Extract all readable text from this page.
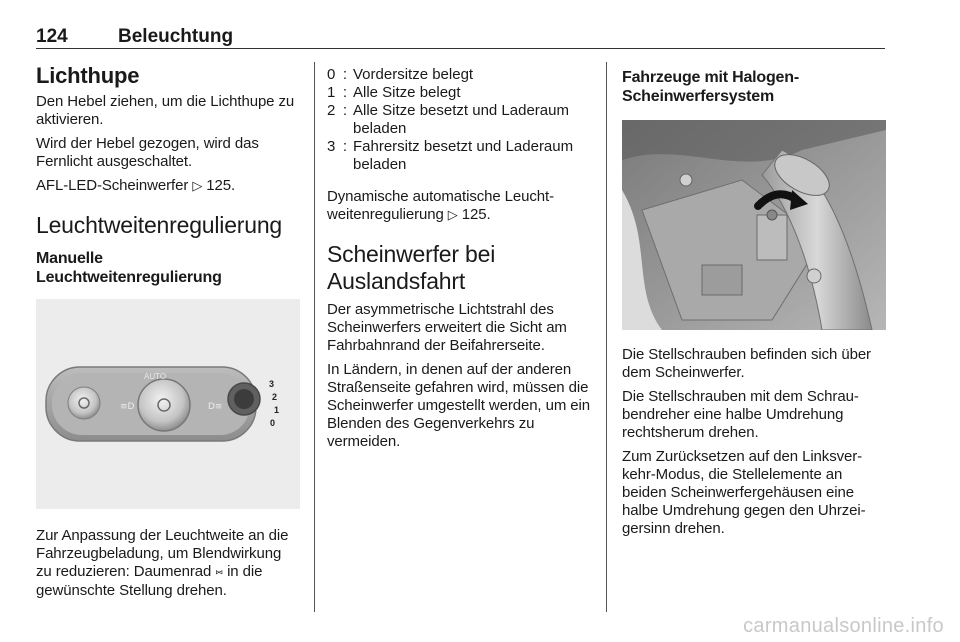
124	Beleuchtung
Lichthupe

Den Hebel ziehen, um die Lichthupe zu aktivieren.

Wird der Hebel gezogen, wird das Fernlicht ausgeschaltet.

AFL-LED-Scheinwerfer ▷ 125.

Leuchtweitenregulierung
Manuelle
Leuchtweitenregulierung
AUTO
≡D	D≡
3
2
1
0

Zur Anpassung der Leuchtweite an die Fahrzeugbeladung, um Blendwirkung zu reduzieren: Daumenrad ⑅ in die gewünschte Stellung drehen.

0 : Vordersitze belegt
1 : Alle Sitze belegt
2 : Alle Sitze besetzt und Laderaum beladen
3 : Fahrersitz besetzt und Laderaum beladen

Dynamische automatische Leuchtweitenregulierung ▷ 125.

Scheinwerfer bei
Auslandsfahrt

Der asymmetrische Lichtstrahl des Scheinwerfers erweitert die Sicht am Fahrbahnrand der Beifahrerseite.

In Ländern, in denen auf der anderen Straßenseite gefahren wird, müssen die Scheinwerfer umgestellt werden, um ein Blenden des Gegenverkehrs zu vermeiden.

Fahrzeuge mit Halogen-
Scheinwerfersystem

Die Stellschrauben befinden sich über dem Scheinwerfer.

Die Stellschrauben mit dem Schraubendreher eine halbe Umdrehung rechtsherum drehen.

Zum Zurücksetzen auf den Linksverkehr-Modus, die Stellelemente an beiden Scheinwerfergehäusen eine halbe Umdrehung gegen den Uhrzeigersinn drehen.

carmanualsonline.info
